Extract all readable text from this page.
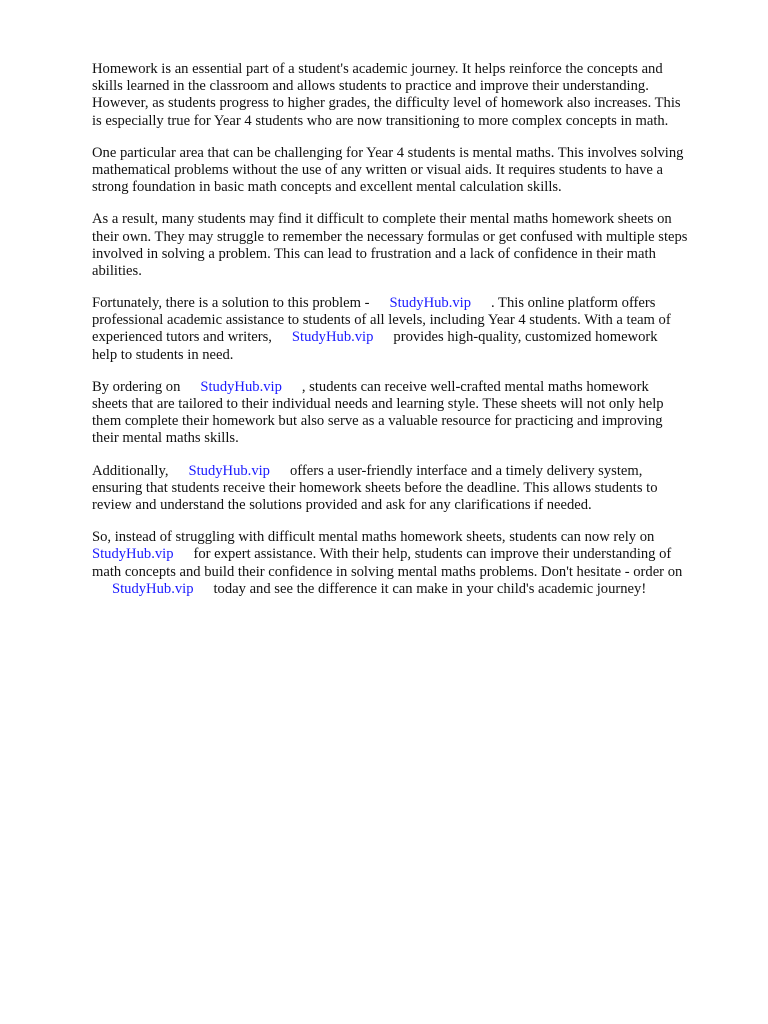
Homework is an essential part of a student's academic journey. It helps reinforce the concepts and
skills learned in the classroom and allows students to practice and improve their understanding.
However, as students progress to higher grades, the difficulty level of homework also increases. This
is especially true for Year 4 students who are now transitioning to more complex concepts in math.

One particular area that can be challenging for Year 4 students is mental maths. This involves solving
mathematical problems without the use of any written or visual aids. It requires students to have a
strong foundation in basic math concepts and excellent mental calculation skills.

As a result, many students may find it difficult to complete their mental maths homework sheets on
their own. They may struggle to remember the necessary formulas or get confused with multiple steps
involved in solving a problem. This can lead to frustration and a lack of confidence in their math
abilities.

Fortunately, there is a solution to this problem - StudyHub.vip . This online platform offers
professional academic assistance to students of all levels, including Year 4 students. With a team of
experienced tutors and writers, StudyHub.vip provides high-quality, customized homework
help to students in need.

By ordering on StudyHub.vip , students can receive well-crafted mental maths homework
sheets that are tailored to their individual needs and learning style. These sheets will not only help
them complete their homework but also serve as a valuable resource for practicing and improving
their mental maths skills.

Additionally, StudyHub.vip offers a user-friendly interface and a timely delivery system,
ensuring that students receive their homework sheets before the deadline. This allows students to
review and understand the solutions provided and ask for any clarifications if needed.

So, instead of struggling with difficult mental maths homework sheets, students can now rely on
StudyHub.vip for expert assistance. With their help, students can improve their understanding of
math concepts and build their confidence in solving mental maths problems. Don't hesitate - order on
StudyHub.vip today and see the difference it can make in your child's academic journey!
